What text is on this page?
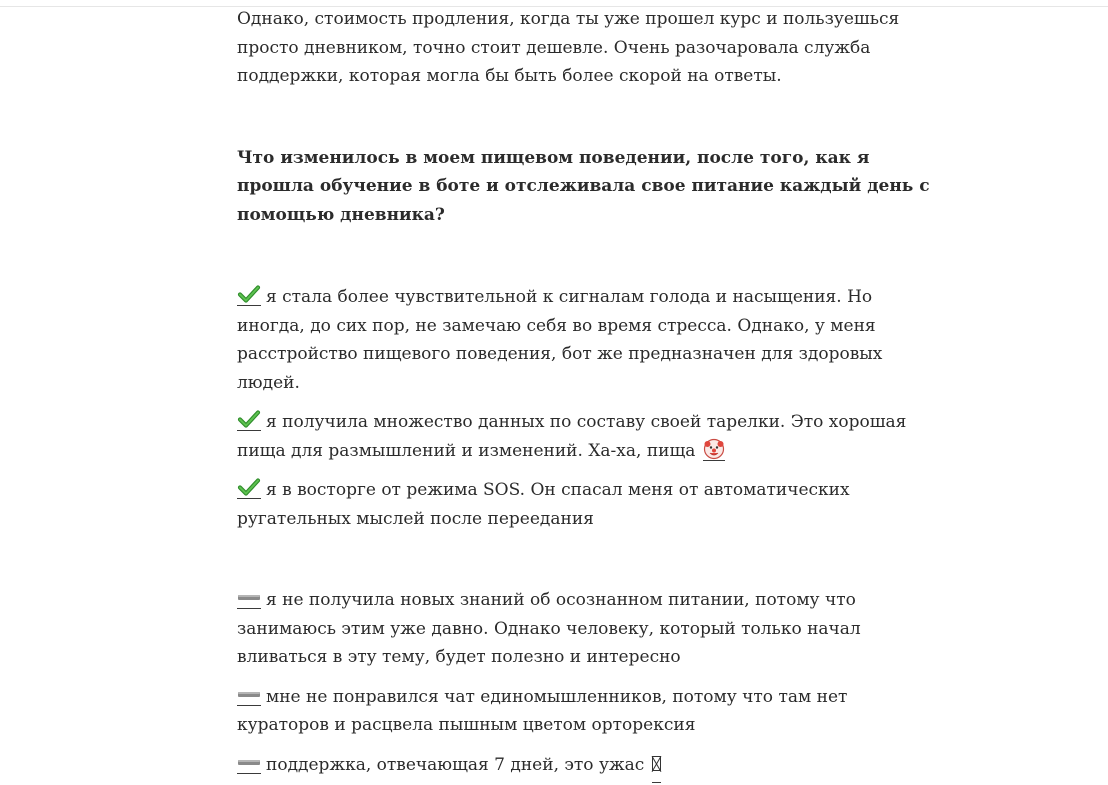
Однако, стоимость продления, когда ты уже прошел курс и пользуешься просто дневником, точно стоит дешевле. Очень разочаровала служба поддержки, которая могла бы быть более скорой на ответы.

Что изменилось в моем пищевом поведении, после того, как я прошла обучение в боте и отслеживала свое питание каждый день с помощью дневника?

я стала более чувствительной к сигналам голода и насыщения. Но иногда, до сих пор, не замечаю себя во время стресса. Однако, у меня расстройство пищевого поведения, бот же предназначен для здоровых людей.

я получила множество данных по составу своей тарелки. Это хорошая пища для размышлений и изменений. Ха-ха, пища

я в восторге от режима SOS. Он спасал меня от автоматических ругательных мыслей после переедания

я не получила новых знаний об осознанном питании, потому что занимаюсь этим уже давно. Однако человеку, который только начал вливаться в эту тему, будет полезно и интересно

мне не понравился чат единомышленников, потому что там нет кураторов и расцвела пышным цветом орторексия

поддержка, отвечающая 7 дней, это ужас
